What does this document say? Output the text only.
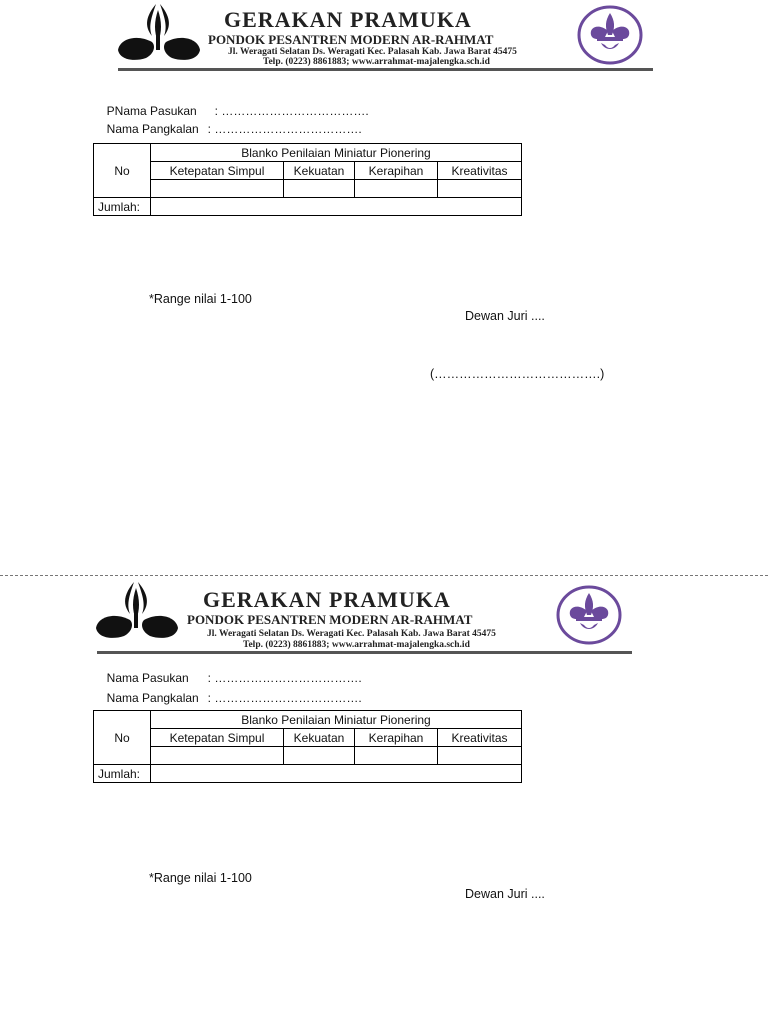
GERAKAN PRAMUKA
PONDOK PESANTREN MODERN AR-RAHMAT
Jl. Weragati Selatan Ds. Weragati Kec. Palasah Kab. Jawa Barat 45475
Telp. (0223) 8861883; www.arrahmat-majalengka.sch.id

PNama Pasukan : ……………………………….

Nama Pangkalan : ……………………………….

No	Blanko Penilaian Miniatur Pionering			
	Ketepatan Simpul	Kekuatan	Kerapihan	Kreativitas

Jumlah:				
*Range nilai 1-100
Dewan Juri ....
(………………………………….)
GERAKAN PRAMUKA
PONDOK PESANTREN MODERN AR-RAHMAT
Jl. Weragati Selatan Ds. Weragati Kec. Palasah Kab. Jawa Barat 45475
Telp. (0223) 8861883; www.arrahmat-majalengka.sch.id

Nama Pasukan : ……………………………….

Nama Pangkalan : ……………………………….

No	Blanko Penilaian Miniatur Pionering			
	Ketepatan Simpul	Kekuatan	Kerapihan	Kreativitas

Jumlah:				
*Range nilai 1-100
Dewan Juri ....
